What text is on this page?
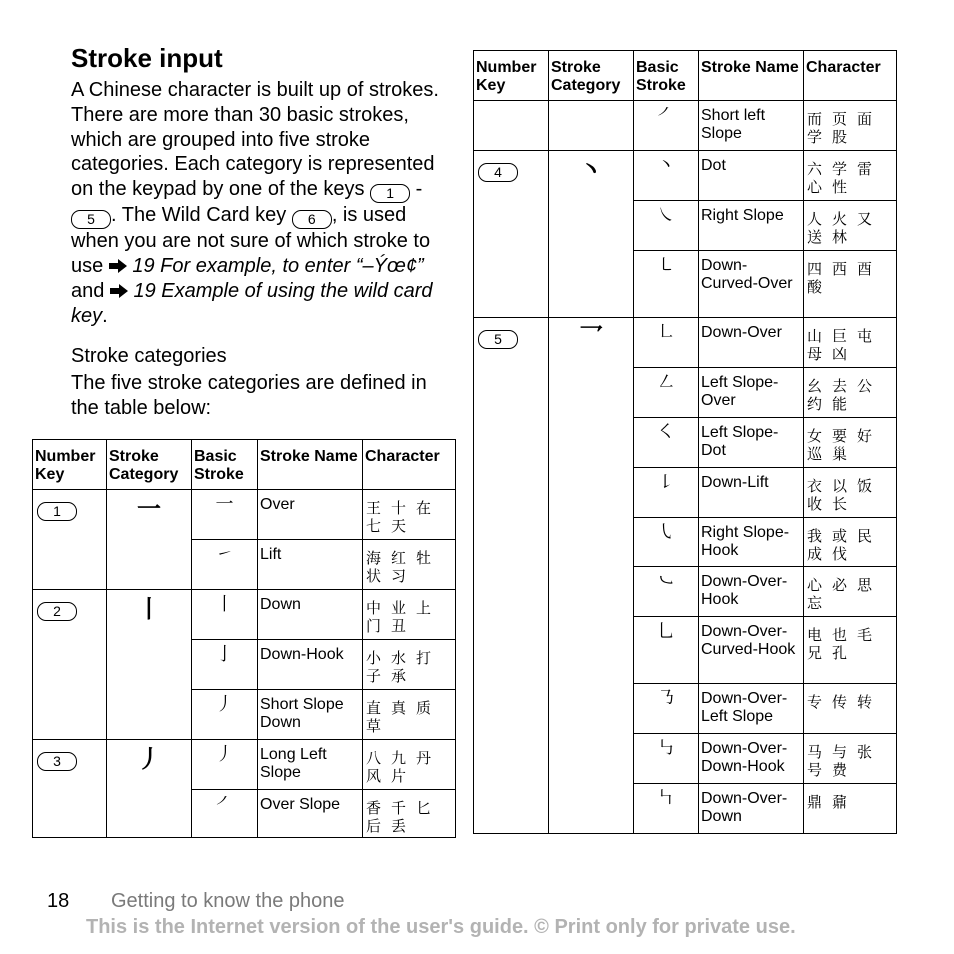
Stroke input

A Chinese character is built up of strokes. There are more than 30 basic strokes, which are grouped into five stroke categories. Each category is represented on the keypad by one of the keys 1 - 5 . The Wild Card key 6 , is used when you are not sure of which stroke to use  19 For example, to enter “–Ýœ¢” and  19 Example of using the wild card key.

Stroke categories
The five stroke categories are defined in the table below:
Number Key	Stroke Category	Basic Stroke	Stroke Name	Character
1	一	一	Over	王十在七天
		㇀	Lift	海红牡状习
2	丨	丨	Down	中业上门丑
		亅	Down-Hook	小水打子承
		丿	Short Slope Down	直真质草
3	丿	丿	Long Left Slope	八九丹风片
		㇒	Over Slope	香千匕后丢
Number Key	Stroke Category	Basic Stroke	Stroke Name	Character
		㇒	Short left Slope	而页面学股
4	丶	丶	Dot	六学雷心性
		㇏	Right Slope	人火又送林
		㇄	Down-Curved-Over	四西酉酸
5	乛	㇗	Down-Over	山巨屯母凶
		㇜	Left Slope-Over	幺去公约能
		㇛	Left Slope-Dot	女要好巡巢
		㇙	Down-Lift	衣以饭收长
		㇂	Right Slope-Hook	我或民成伐
		㇃	Down-Over-Hook	心必思忘
		乚	Down-Over-Curved-Hook	电也毛兄孔
		㇡	Down-Over-Left Slope	专传转
		㇉	Down-Over-Down-Hook	马与张号费
		㇞	Down-Over-Down	鼎鼐
18 Getting to know the phone
This is the Internet version of the user's guide. © Print only for private use.
